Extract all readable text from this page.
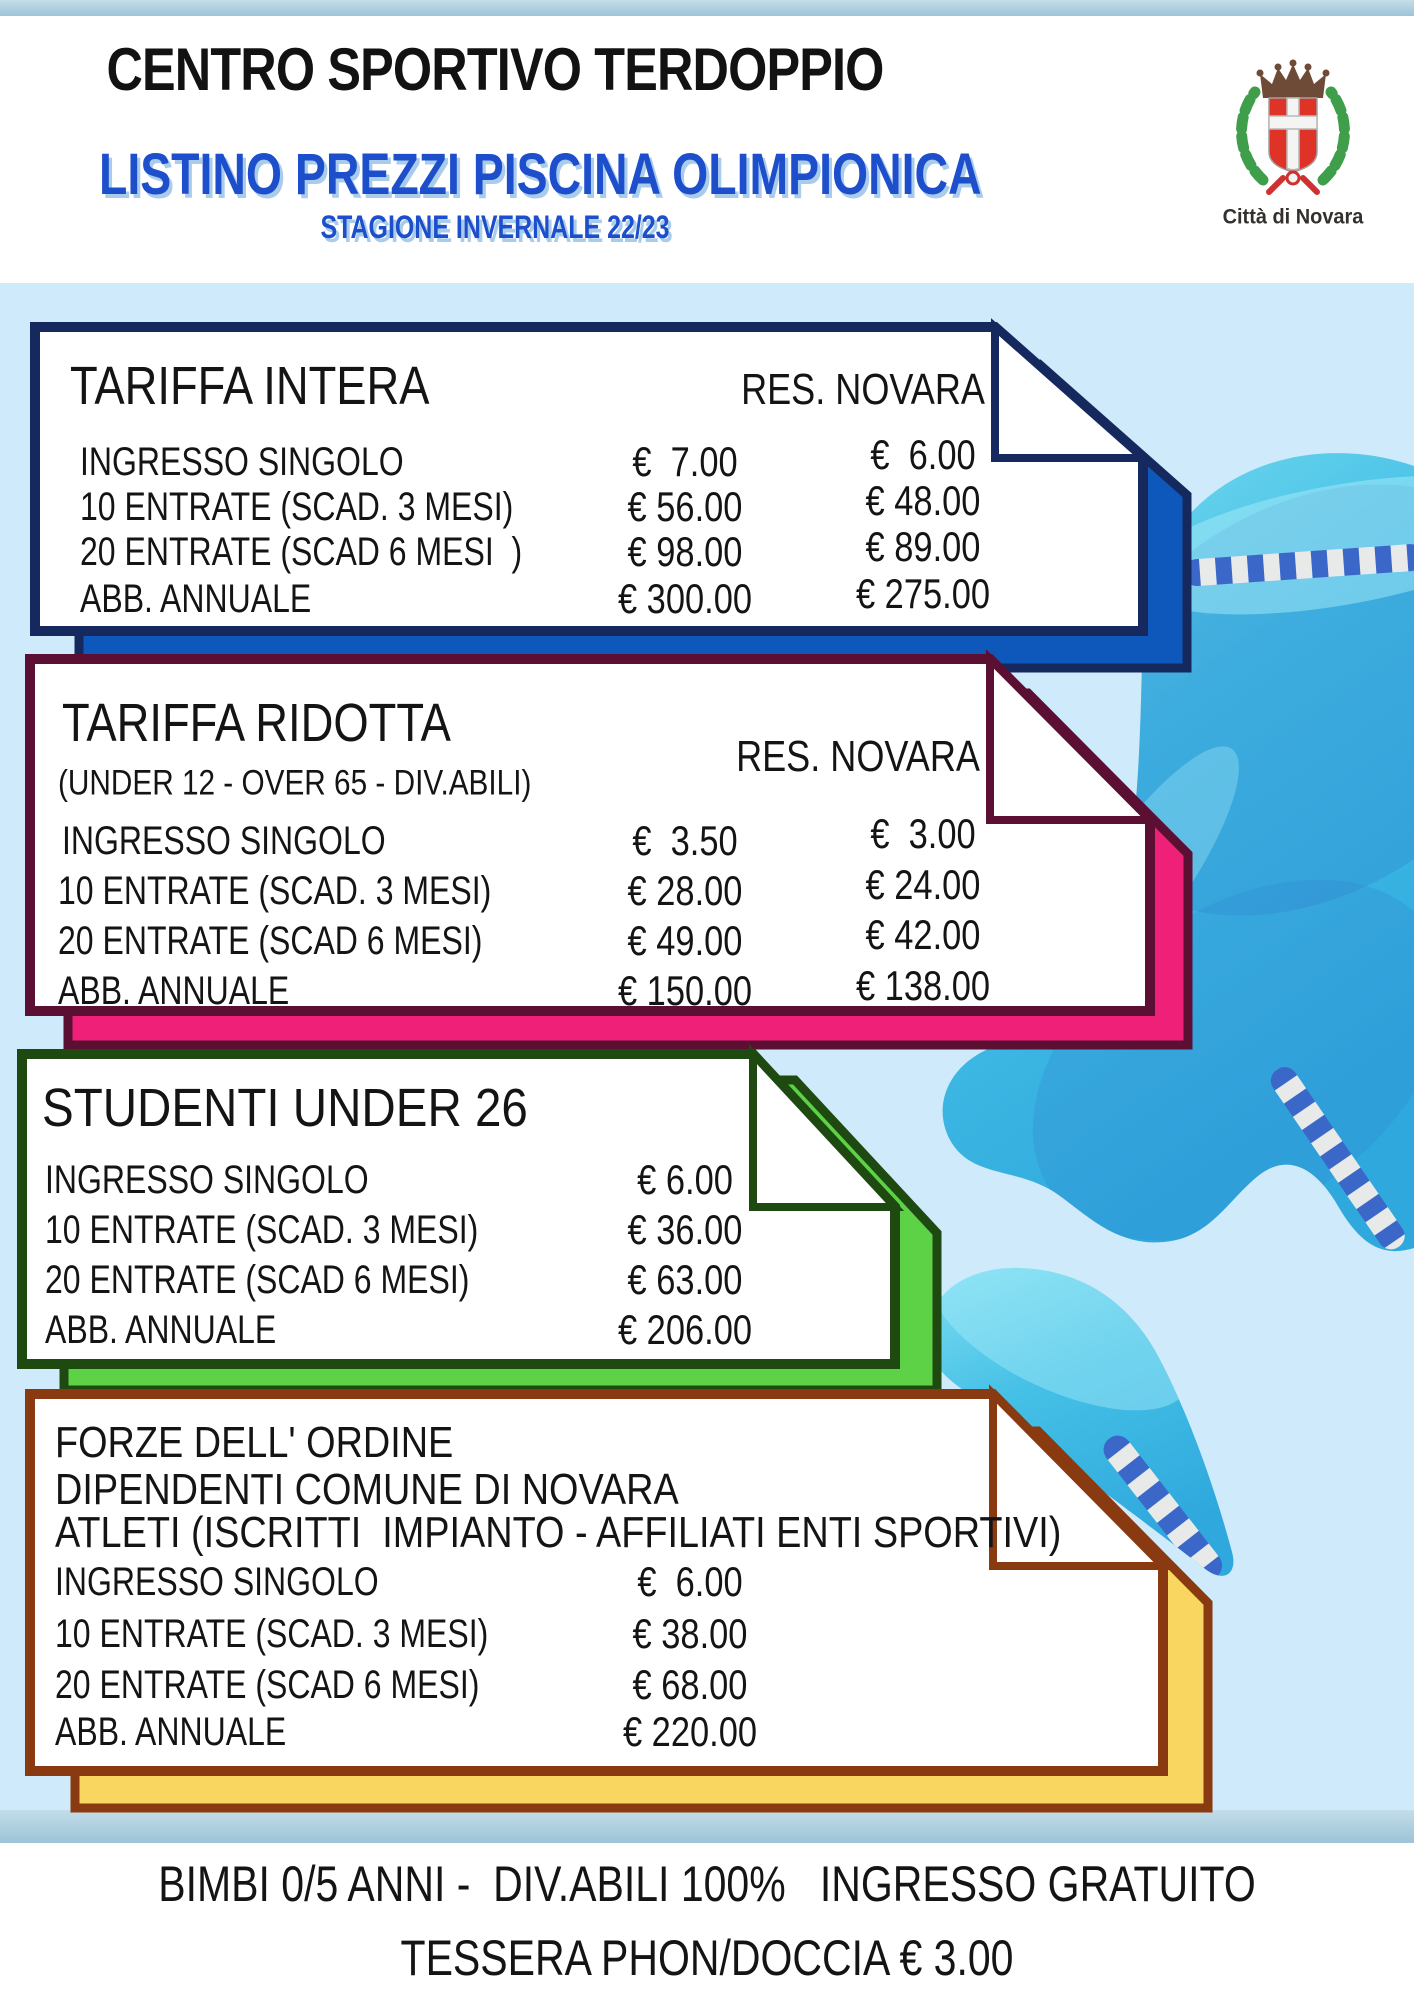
CENTRO SPORTIVO TERDOPPIO
LISTINO PREZZI PISCINA OLIMPIONICA
STAGIONE INVERNALE 22/23	Città di Novara
TARIFFA INTERA	RES. NOVARA
INGRESSO SINGOLO	€  7.00	€  6.00
10 ENTRATE (SCAD. 3 MESI)	€ 56.00	€ 48.00
20 ENTRATE (SCAD 6 MESI  )	€ 98.00	€ 89.00
ABB. ANNUALE	€ 300.00	€ 275.00
TARIFFA RIDOTTA
(UNDER 12 - OVER 65 - DIV.ABILI)
RES. NOVARA
INGRESSO SINGOLO	€  3.50	€  3.00
10 ENTRATE (SCAD. 3 MESI)	€ 28.00	€ 24.00
20 ENTRATE (SCAD 6 MESI)	€ 49.00	€ 42.00
ABB. ANNUALE	€ 150.00	€ 138.00
STUDENTI UNDER 26
INGRESSO SINGOLO	€ 6.00
10 ENTRATE (SCAD. 3 MESI)	€ 36.00
20 ENTRATE (SCAD 6 MESI)	€ 63.00
ABB. ANNUALE	€ 206.00
FORZE DELL' ORDINE
DIPENDENTI COMUNE DI NOVARA
ATLETI (ISCRITTI  IMPIANTO - AFFILIATI ENTI SPORTIVI)
INGRESSO SINGOLO	€  6.00
10 ENTRATE (SCAD. 3 MESI)	€ 38.00
20 ENTRATE (SCAD 6 MESI)	€ 68.00
ABB. ANNUALE	€ 220.00
BIMBI 0/5 ANNI -  DIV.ABILI 100%   INGRESSO GRATUITO
TESSERA PHON/DOCCIA € 3.00
